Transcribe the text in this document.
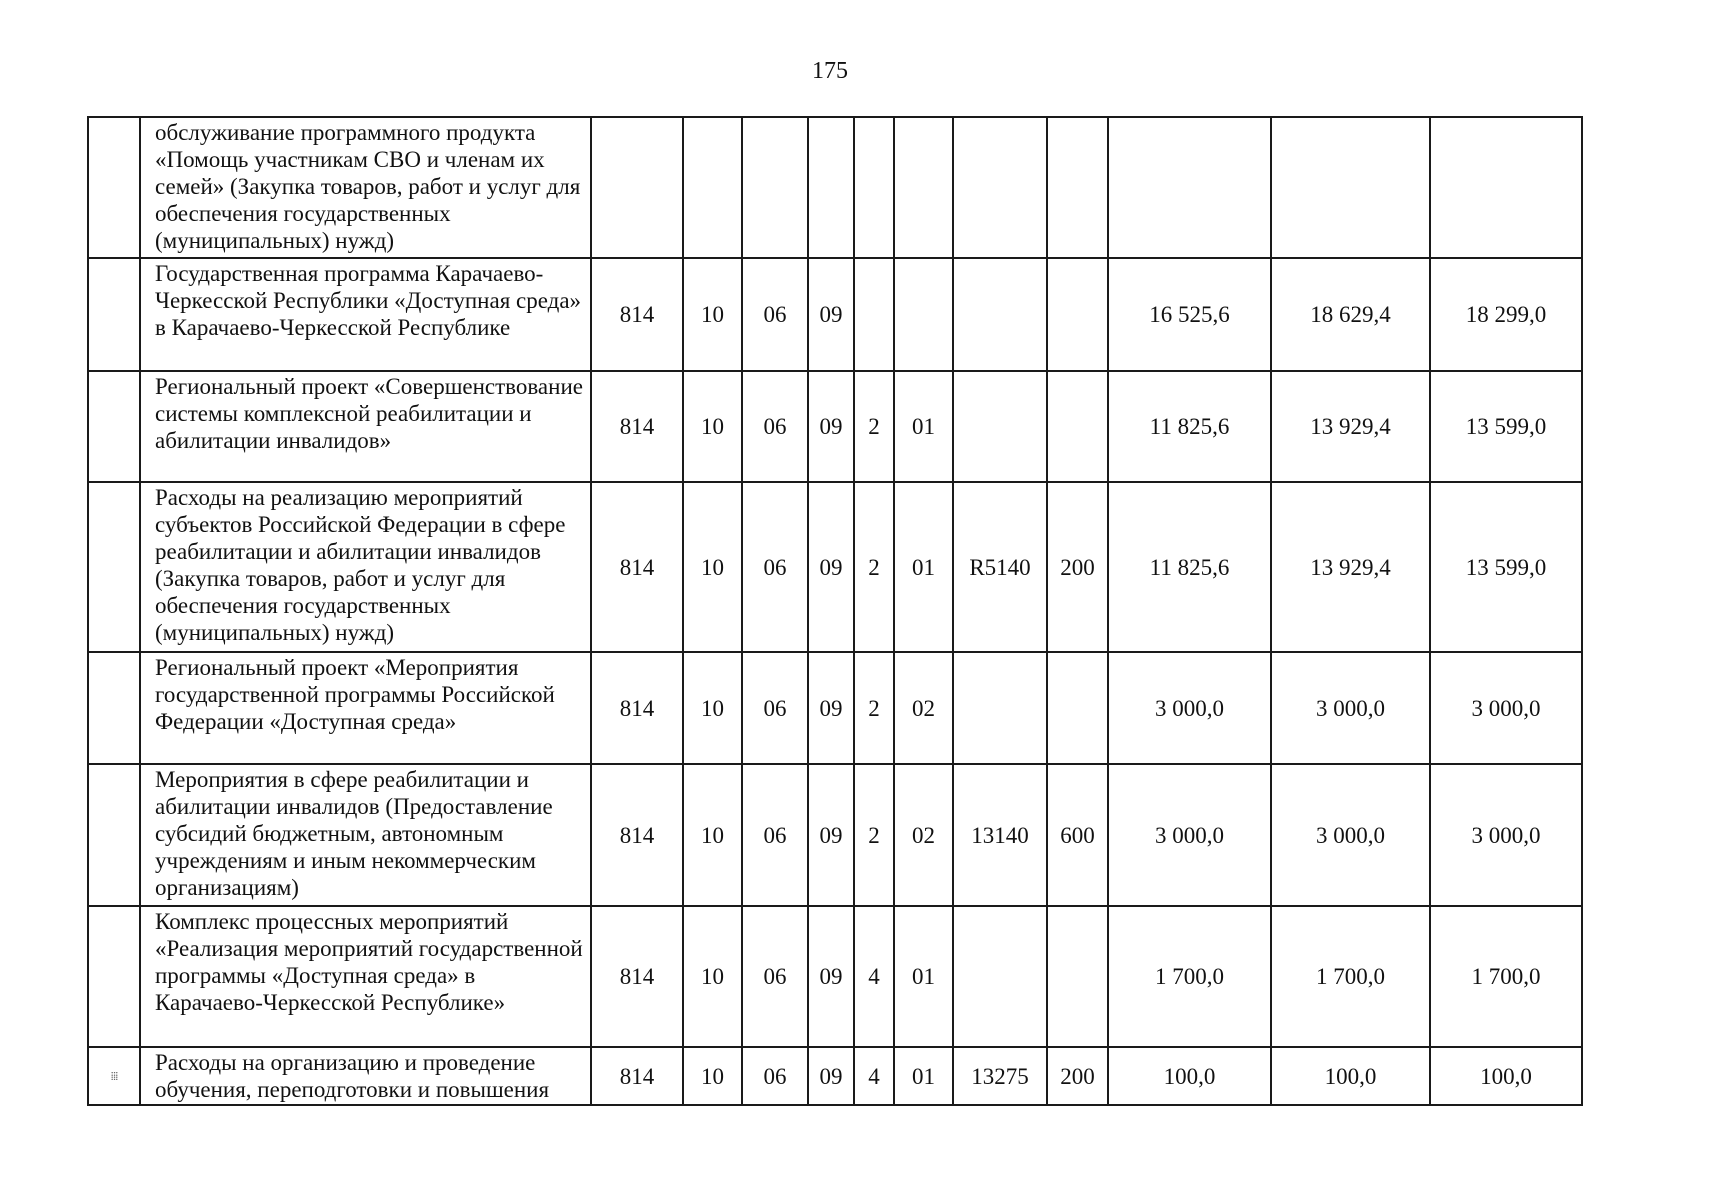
175
	обслуживание программного продукта «Помощь участникам СВО и членам их семей» (Закупка товаров, работ и услуг для обеспечения государственных (муниципальных) нужд)											
	Государственная программа Карачаево-Черкесской Республики «Доступная среда» в Карачаево-Черкесской Республике	814	10	06	09					16 525,6	18 629,4	18 299,0
	Региональный проект «Совершенствование системы комплексной реабилитации и абилитации инвалидов»	814	10	06	09	2	01			11 825,6	13 929,4	13 599,0
	Расходы на реализацию мероприятий субъектов Российской Федерации в сфере реабилитации и абилитации инвалидов (Закупка товаров, работ и услуг для обеспечения государственных (муниципальных) нужд)	814	10	06	09	2	01	R5140	200	11 825,6	13 929,4	13 599,0
	Региональный проект «Мероприятия государственной программы Российской Федерации «Доступная среда»	814	10	06	09	2	02			3 000,0	3 000,0	3 000,0
	Мероприятия в сфере реабилитации и абилитации инвалидов (Предоставление субсидий бюджетным, автономным учреждениям и иным некоммерческим организациям)	814	10	06	09	2	02	13140	600	3 000,0	3 000,0	3 000,0
	Комплекс процессных мероприятий «Реализация мероприятий государственной программы «Доступная среда» в Карачаево-Черкесской Республике»	814	10	06	09	4	01			1 700,0	1 700,0	1 700,0

⁞⁞⁞	Расходы на организацию и проведение обучения, переподготовки и повышения	814	10	06	09	4	01	13275	200	100,0	100,0	100,0
